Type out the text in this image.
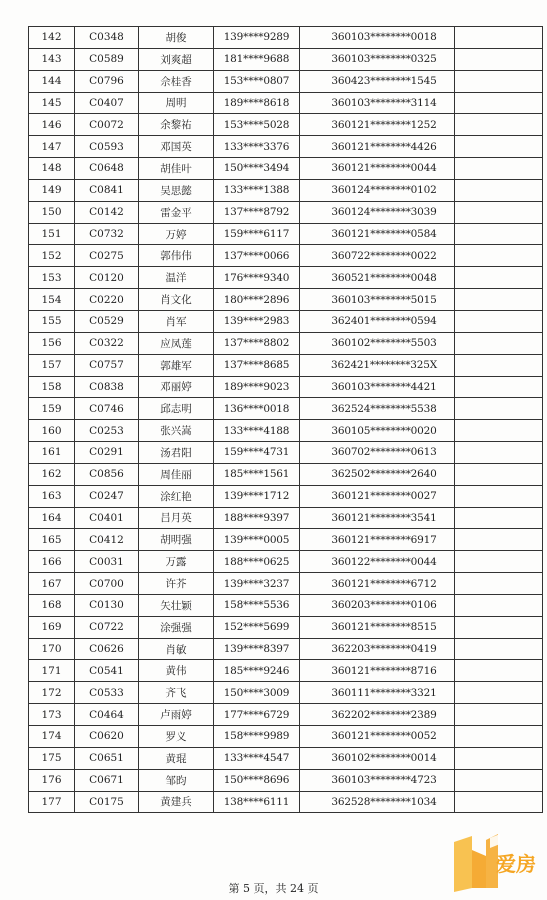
142	C0348	胡俊	139****9289	360103********0018	
143	C0589	刘爽超	181****9688	360103********0325	
144	C0796	佘桂香	153****0807	360423********1545	
145	C0407	周明	189****8618	360103********3114	
146	C0072	余黎祐	153****5028	360121********1252	
147	C0593	邓国英	133****3376	360121********4426	
148	C0648	胡佳叶	150****3494	360121********0044	
149	C0841	吴思懿	133****1388	360124********0102	
150	C0142	雷金平	137****8792	360124********3039	
151	C0732	万婷	159****6117	360121********0584	
152	C0275	郭伟伟	137****0066	360722********0022	
153	C0120	温洋	176****9340	360521********0048	
154	C0220	肖文化	180****2896	360103********5015	
155	C0529	肖军	139****2983	362401********0594	
156	C0322	应凤莲	137****8802	360102********5503	
157	C0757	郭雄军	137****8685	362421********325X	
158	C0838	邓丽婷	189****9023	360103********4421	
159	C0746	邱志明	136****0018	362524********5538	
160	C0253	张兴嵩	133****4188	360105********0020	
161	C0291	汤君阳	159****4731	360702********0613	
162	C0856	周佳丽	185****1561	362502********2640	
163	C0247	涂红艳	139****1712	360121********0027	
164	C0401	吕月英	188****9397	360121********3541	
165	C0412	胡明强	139****0005	360121********6917	
166	C0031	万露	188****0625	360122********0044	
167	C0700	许芥	139****3237	360121********6712	
168	C0130	矢壮颖	158****5536	360203********0106	
169	C0722	涂强强	152****5699	360121********8515	
170	C0626	肖敏	139****8397	362203********0419	
171	C0541	黄伟	185****9246	360121********8716	
172	C0533	齐飞	150****3009	360111********3321	
173	C0464	卢雨婷	177****6729	362202********2389	
174	C0620	罗义	158****9989	360121********0052	
175	C0651	黄琨	133****4547	360102********0014	
176	C0671	邹昀	150****8696	360103********4723	
177	C0175	黄建兵	138****6111	362528********1034	
爱房
第 5 页，共 24 页
